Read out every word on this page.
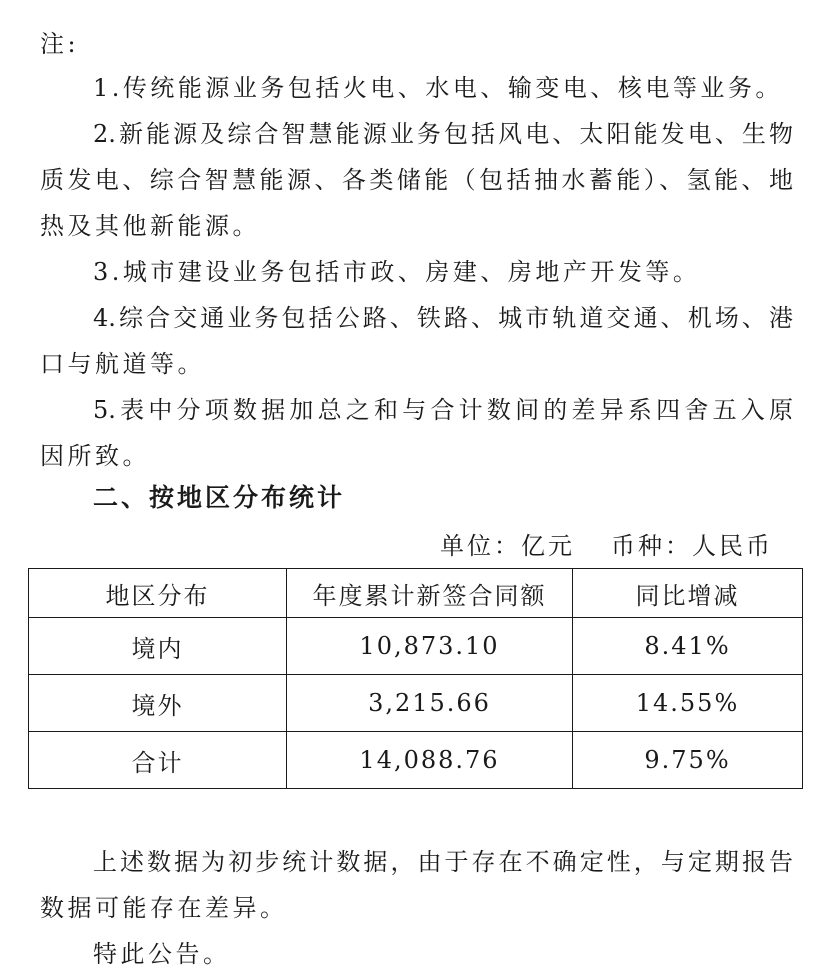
注:
1.传统能源业务包括火电、水电、输变电、核电等业务。
2.新能源及综合智慧能源业务包括风电、太阳能发电、生物
质发电、综合智慧能源、各类储能（包括抽水蓄能）、氢能、地
热及其他新能源。
3.城市建设业务包括市政、房建、房地产开发等。
4.综合交通业务包括公路、铁路、城市轨道交通、机场、港
口与航道等。
5.表中分项数据加总之和与合计数间的差异系四舍五入原
因所致。
二、按地区分布统计
单位：亿元 币种：人民币
地区分布	年度累计新签合同额	同比增减
境内	10,873.10	8.41%
境外	3,215.66	14.55%
合计	14,088.76	9.75%
上述数据为初步统计数据，由于存在不确定性，与定期报告
数据可能存在差异。
特此公告。
